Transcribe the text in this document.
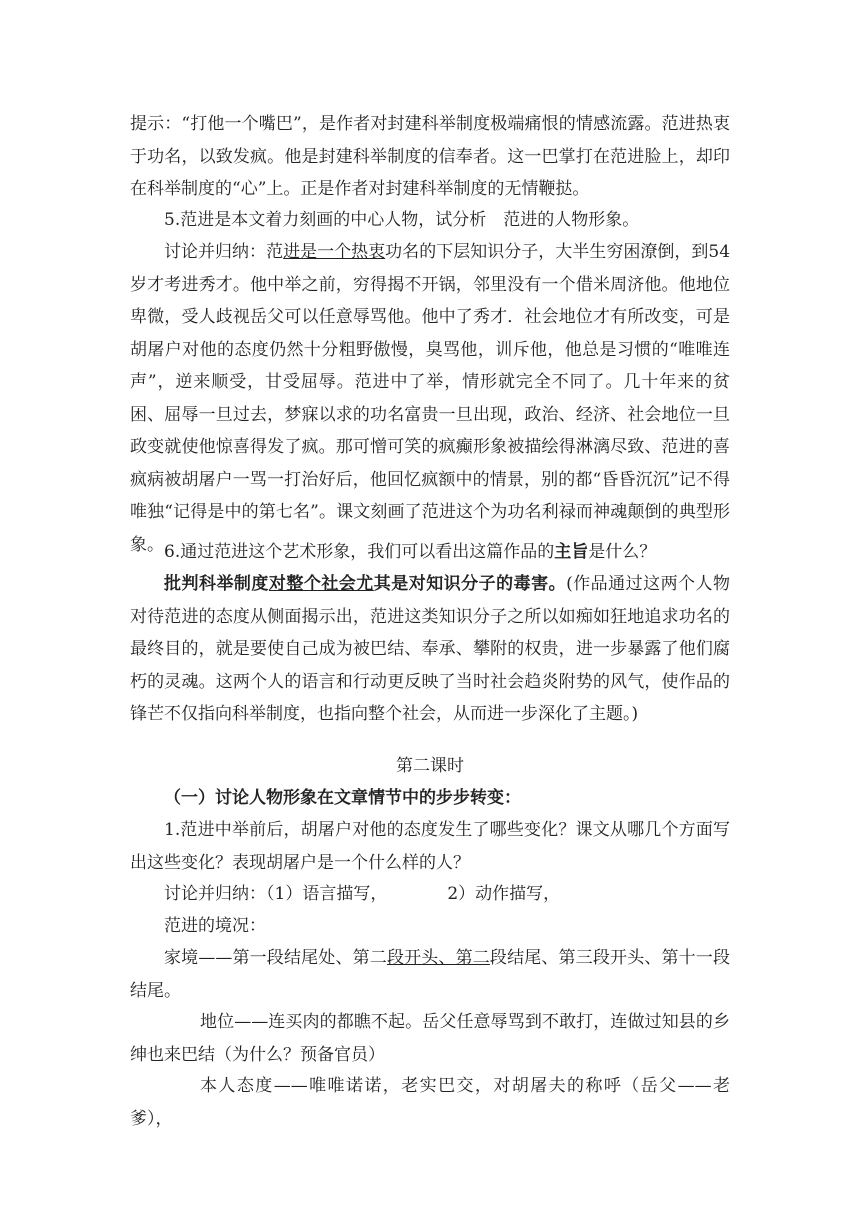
提示：“打他一个嘴巴”，是作者对封建科举制度极端痛恨的情感流露。范进热衷于功名，以致发疯。他是封建科举制度的信奉者。这一巴掌打在范进脸上，却印在科举制度的“心”上。正是作者对封建科举制度的无情鞭挞。

5.范进是本文着力刻画的中心人物，试分析　范进的人物形象。

讨论并归纳：范进是一个热衷功名的下层知识分子，大半生穷困潦倒，到54岁才考进秀才。他中举之前，穷得揭不开锅，邻里没有一个借米周济他。他地位卑微，受人歧视岳父可以任意辱骂他。他中了秀才．社会地位才有所改变，可是胡屠户对他的态度仍然十分粗野傲慢，臭骂他，训斥他，他总是习惯的“唯唯连声”，逆来顺受，甘受屈辱。范进中了举，情形就完全不同了。几十年来的贫困、屈辱一旦过去，梦寐以求的功名富贵一旦出现，政治、经济、社会地位一旦政变就使他惊喜得发了疯。那可憎可笑的疯癫形象被描绘得淋漓尽致、范进的喜疯病被胡屠户一骂一打治好后，他回忆疯额中的情景，别的都“昏昏沉沉”记不得唯独“记得是中的第七名”。课文刻画了范进这个为功名利禄而神魂颠倒的典型形象。 6.通过范进这个艺术形象，我们可以看出这篇作品的主旨是什么？

批判科举制度对整个社会尤其是对知识分子的毒害。(作品通过这两个人物对待范进的态度从侧面揭示出，范进这类知识分子之所以如痴如狂地追求功名的最终目的，就是要使自己成为被巴结、奉承、攀附的权贵，进一步暴露了他们腐朽的灵魂。这两个人的语言和行动更反映了当时社会趋炎附势的风气，使作品的锋芒不仅指向科举制度，也指向整个社会，从而进一步深化了主题。)

第二课时

（一）讨论人物形象在文章情节中的步步转变：

1.范进中举前后，胡屠户对他的态度发生了哪些变化？课文从哪几个方面写出这些变化？表现胡屠户是一个什么样的人？

讨论并归纳：（1）语言描写，	2）动作描写，

范进的境况：

家境——第一段结尾处、第二段开头、第二段结尾、第三段开头、第十一段结尾。

地位——连买肉的都瞧不起。岳父任意辱骂到不敢打，连做过知县的乡绅也来巴结（为什么？预备官员）

本人态度——唯唯诺诺，老实巴交，对胡屠夫的称呼（岳父——老爹），
